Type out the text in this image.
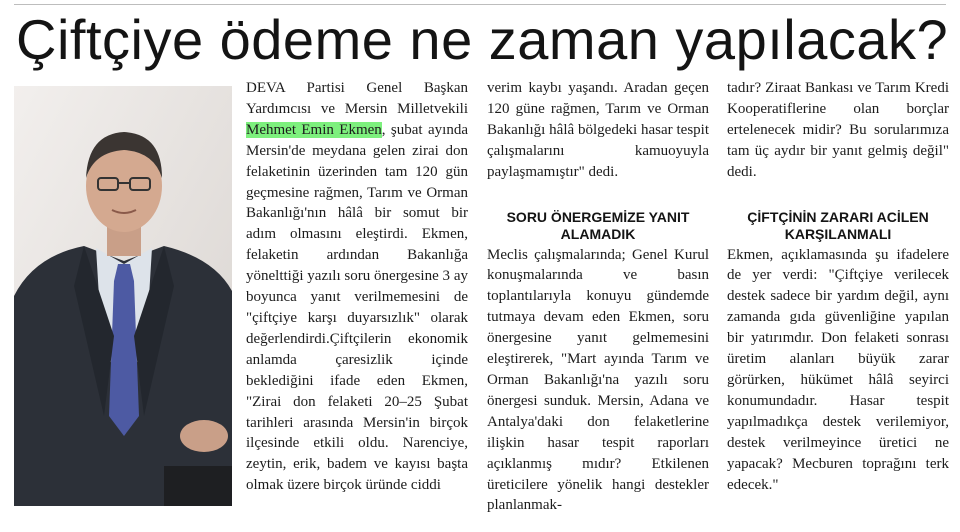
Çiftçiye ödeme ne zaman yapılacak?

DEVA Partisi Genel Başkan Yardımcısı ve Mersin Milletvekili Mehmet Emin Ekmen, şubat ayında Mersin'de meydana gelen zirai don felaketinin üzerinden tam 120 gün geçmesine rağmen, Tarım ve Orman Bakanlığı'nın hâlâ bir somut bir adım olmasını eleştirdi. Ekmen, felaketin ardından Bakanlığa yönelttiği yazılı soru önergesine 3 ay boyunca yanıt verilmemesini de "çiftçiye karşı duyarsızlık" olarak değerlendirdi.Çiftçilerin ekonomik anlamda çaresizlik içinde beklediğini ifade eden Ekmen, "Zirai don felaketi 20–25 Şubat tarihleri arasında Mersin'in birçok ilçesinde etkili oldu. Narenciye, zeytin, erik, badem ve kayısı başta olmak üzere birçok üründe ciddi

verim kaybı yaşandı. Aradan geçen 120 güne rağmen, Tarım ve Orman Bakanlığı hâlâ bölgedeki hasar tespit çalışmalarını kamuoyuyla paylaşmamıştır" dedi.

SORU ÖNERGEMİZE YANIT ALAMADIK

Meclis çalışmalarında; Genel Kurul konuşmalarında ve basın toplantılarıyla konuyu gündemde tutmaya devam eden Ekmen, soru önergesine yanıt gelmemesini eleştirerek, "Mart ayında Tarım ve Orman Bakanlığı'na yazılı soru önergesi sunduk. Mersin, Adana ve Antalya'daki don felaketlerine ilişkin hasar tespit raporları açıklanmış mıdır? Etkilenen üreticilere yönelik hangi destekler planlanmak-

tadır? Ziraat Bankası ve Tarım Kredi Kooperatiflerine olan borçlar ertelenecek midir? Bu sorularımıza tam üç aydır bir yanıt gelmiş değil" dedi.

ÇİFTÇİNİN ZARARI ACİLEN KARŞILANMALI

Ekmen, açıklamasında şu ifadelere de yer verdi: "Çiftçiye verilecek destek sadece bir yardım değil, aynı zamanda gıda güvenliğine yapılan bir yatırımdır. Don felaketi sonrası üretim alanları büyük zarar görürken, hükümet hâlâ seyirci konumundadır. Hasar tespit yapılmadıkça destek verilemiyor, destek verilmeyince üretici ne yapacak? Mecburen toprağını terk edecek."
